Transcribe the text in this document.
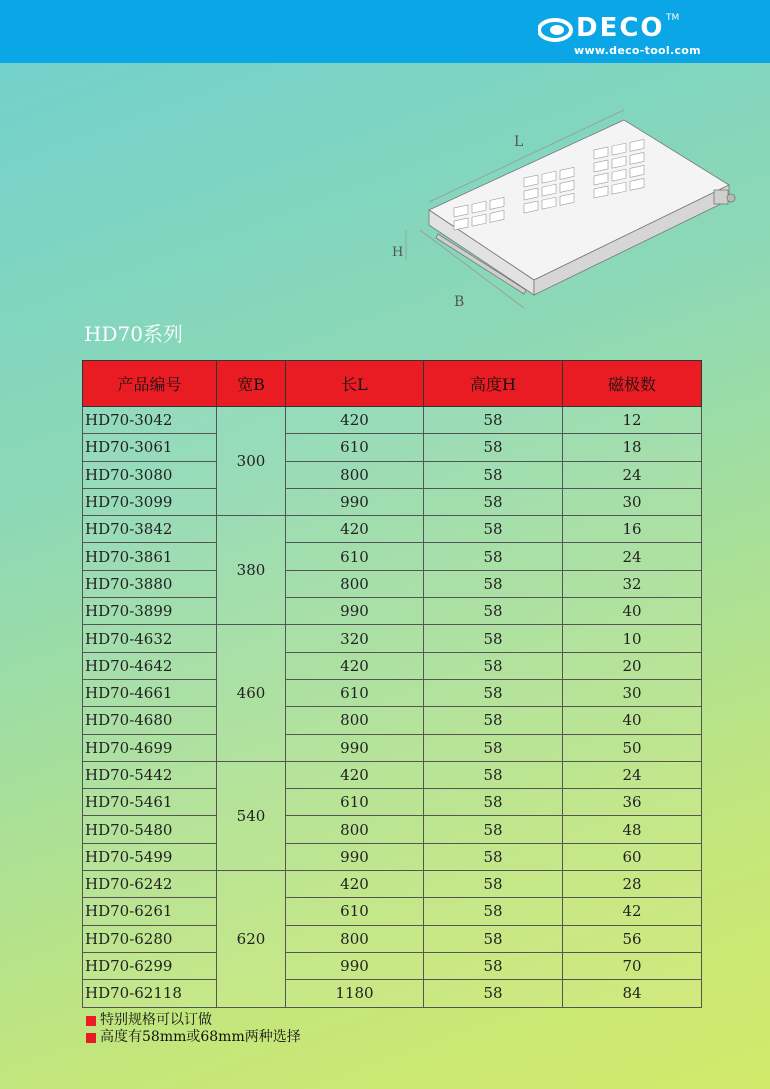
DECO TM
www.deco-tool.com
L
H
B
HD70系列
产品编号	宽B	长L	高度H	磁极数
HD70-3042	300	420	58	12
HD70-3061		610	58	18
HD70-3080		800	58	24
HD70-3099		990	58	30
HD70-3842	380	420	58	16
HD70-3861		610	58	24
HD70-3880		800	58	32
HD70-3899		990	58	40
HD70-4632	460	320	58	10
HD70-4642		420	58	20
HD70-4661		610	58	30
HD70-4680		800	58	40
HD70-4699		990	58	50
HD70-5442	540	420	58	24
HD70-5461		610	58	36
HD70-5480		800	58	48
HD70-5499		990	58	60
HD70-6242	620	420	58	28
HD70-6261		610	58	42
HD70-6280		800	58	56
HD70-6299		990	58	70
HD70-62118		1180	58	84
特别规格可以订做
高度有58mm或68mm两种选择
